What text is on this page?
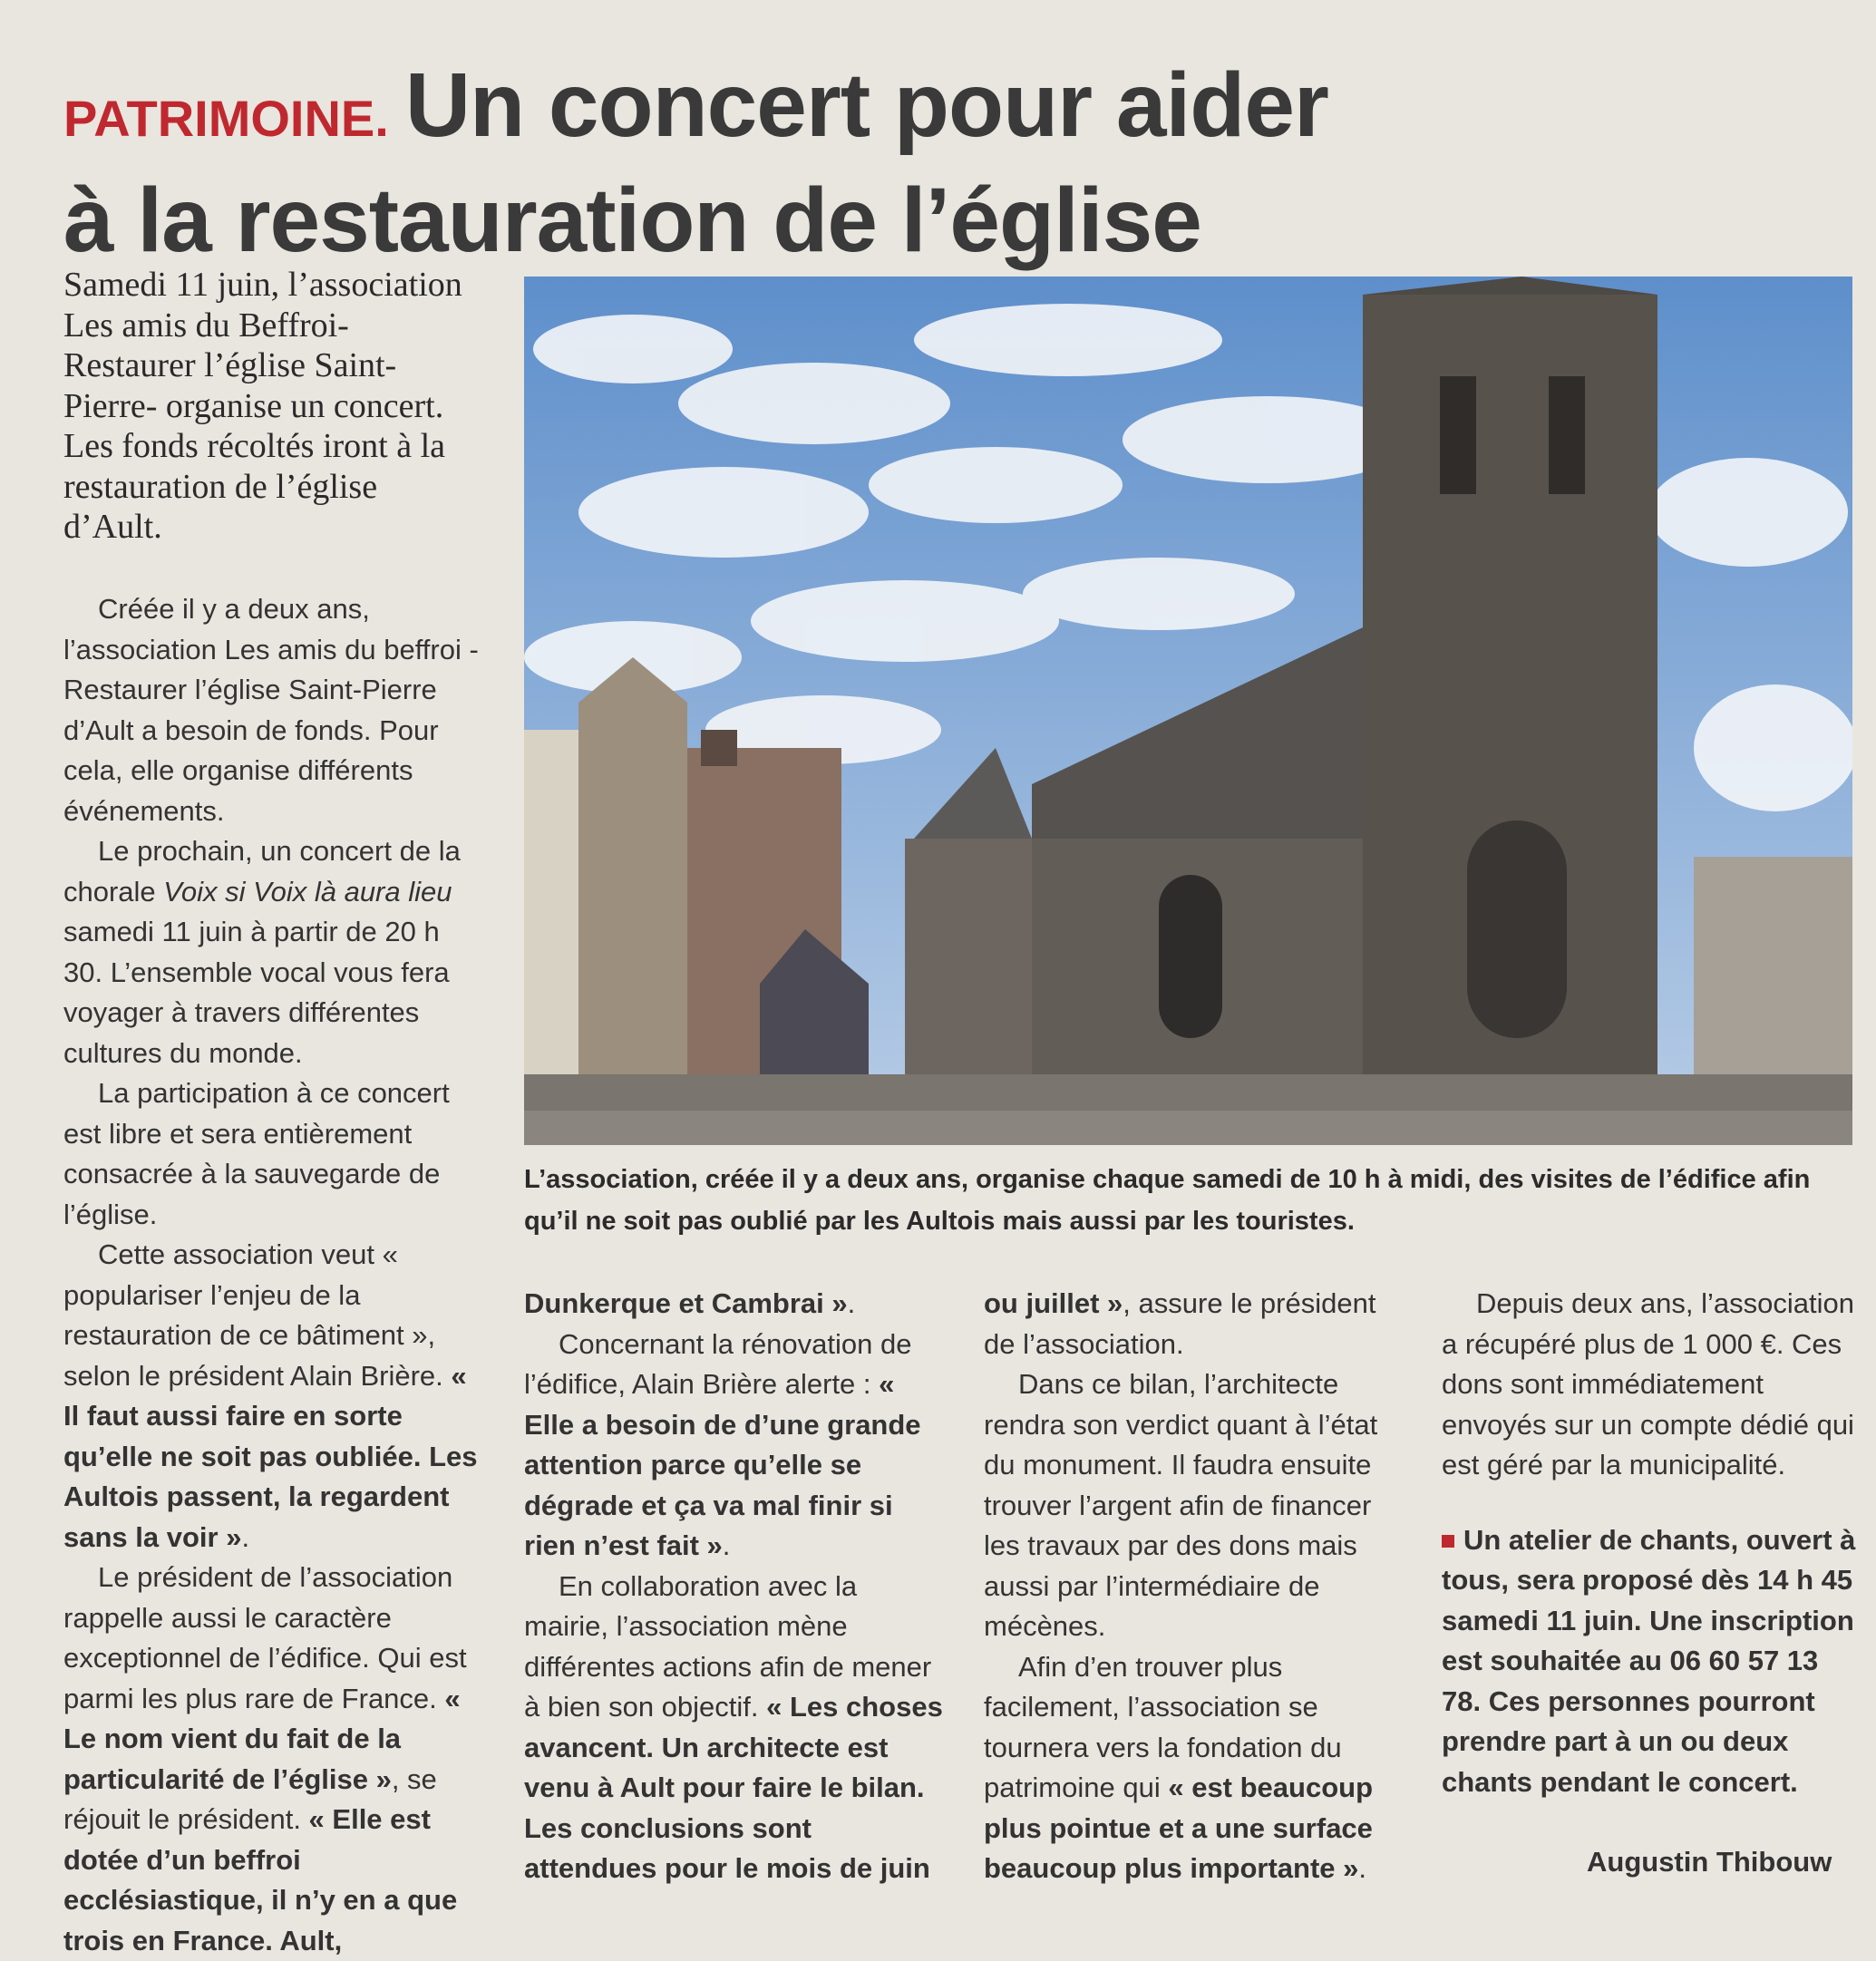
PATRIMOINE. Un concert pour aider
à la restauration de l’église
Samedi 11 juin, l’association Les amis du Beffroi- Restaurer l’église Saint-Pierre- organise un concert. Les fonds récoltés iront à la restauration de l’église d’Ault.

Créée il y a deux ans, l’association Les amis du beffroi - Restaurer l’église Saint-Pierre d’Ault a besoin de fonds. Pour cela, elle organise différents événements.

Le prochain, un concert de la chorale Voix si Voix là aura lieu samedi 11 juin à partir de 20 h 30. L’ensemble vocal vous fera voyager à travers différentes cultures du monde.

La participation à ce concert est libre et sera entièrement consacrée à la sauvegarde de l’église.

Cette association veut « populariser l’enjeu de la restauration de ce bâtiment », selon le président Alain Brière. « Il faut aussi faire en sorte qu’elle ne soit pas oubliée. Les Aultois passent, la regardent sans la voir ».

Le président de l’association rappelle aussi le caractère exceptionnel de l’édifice. Qui est parmi les plus rare de France. « Le nom vient du fait de la particularité de l’église », se réjouit le président. « Elle est dotée d’un beffroi ecclésiastique, il n’y en a que trois en France. Ault,

L’association, créée il y a deux ans, organise chaque samedi de 10 h à midi, des visites de l’édifice afin qu’il ne soit pas oublié par les Aultois mais aussi par les touristes.

Dunkerque et Cambrai ».

Concernant la rénovation de l’édifice, Alain Brière alerte : « Elle a besoin de d’une grande attention parce qu’elle se dégrade et ça va mal finir si rien n’est fait ».

En collaboration avec la mairie, l’association mène différentes actions afin de mener à bien son objectif. « Les choses avancent. Un architecte est venu à Ault pour faire le bilan. Les conclusions sont attendues pour le mois de juin

ou juillet », assure le président de l’association.

Dans ce bilan, l’architecte rendra son verdict quant à l’état du monument. Il faudra ensuite trouver l’argent afin de financer les travaux par des dons mais aussi par l’intermédiaire de mécènes.

Afin d’en trouver plus facilement, l’association se tournera vers la fondation du patrimoine qui « est beaucoup plus pointue et a une surface beaucoup plus importante ».

Depuis deux ans, l’association a récupéré plus de 1 000 €. Ces dons sont immédiatement envoyés sur un compte dédié qui est géré par la municipalité.

Un atelier de chants, ouvert à tous, sera proposé dès 14 h 45 samedi 11 juin. Une inscription est souhaitée au 06 60 57 13 78. Ces personnes pourront prendre part à un ou deux chants pendant le concert.

Augustin Thibouw
